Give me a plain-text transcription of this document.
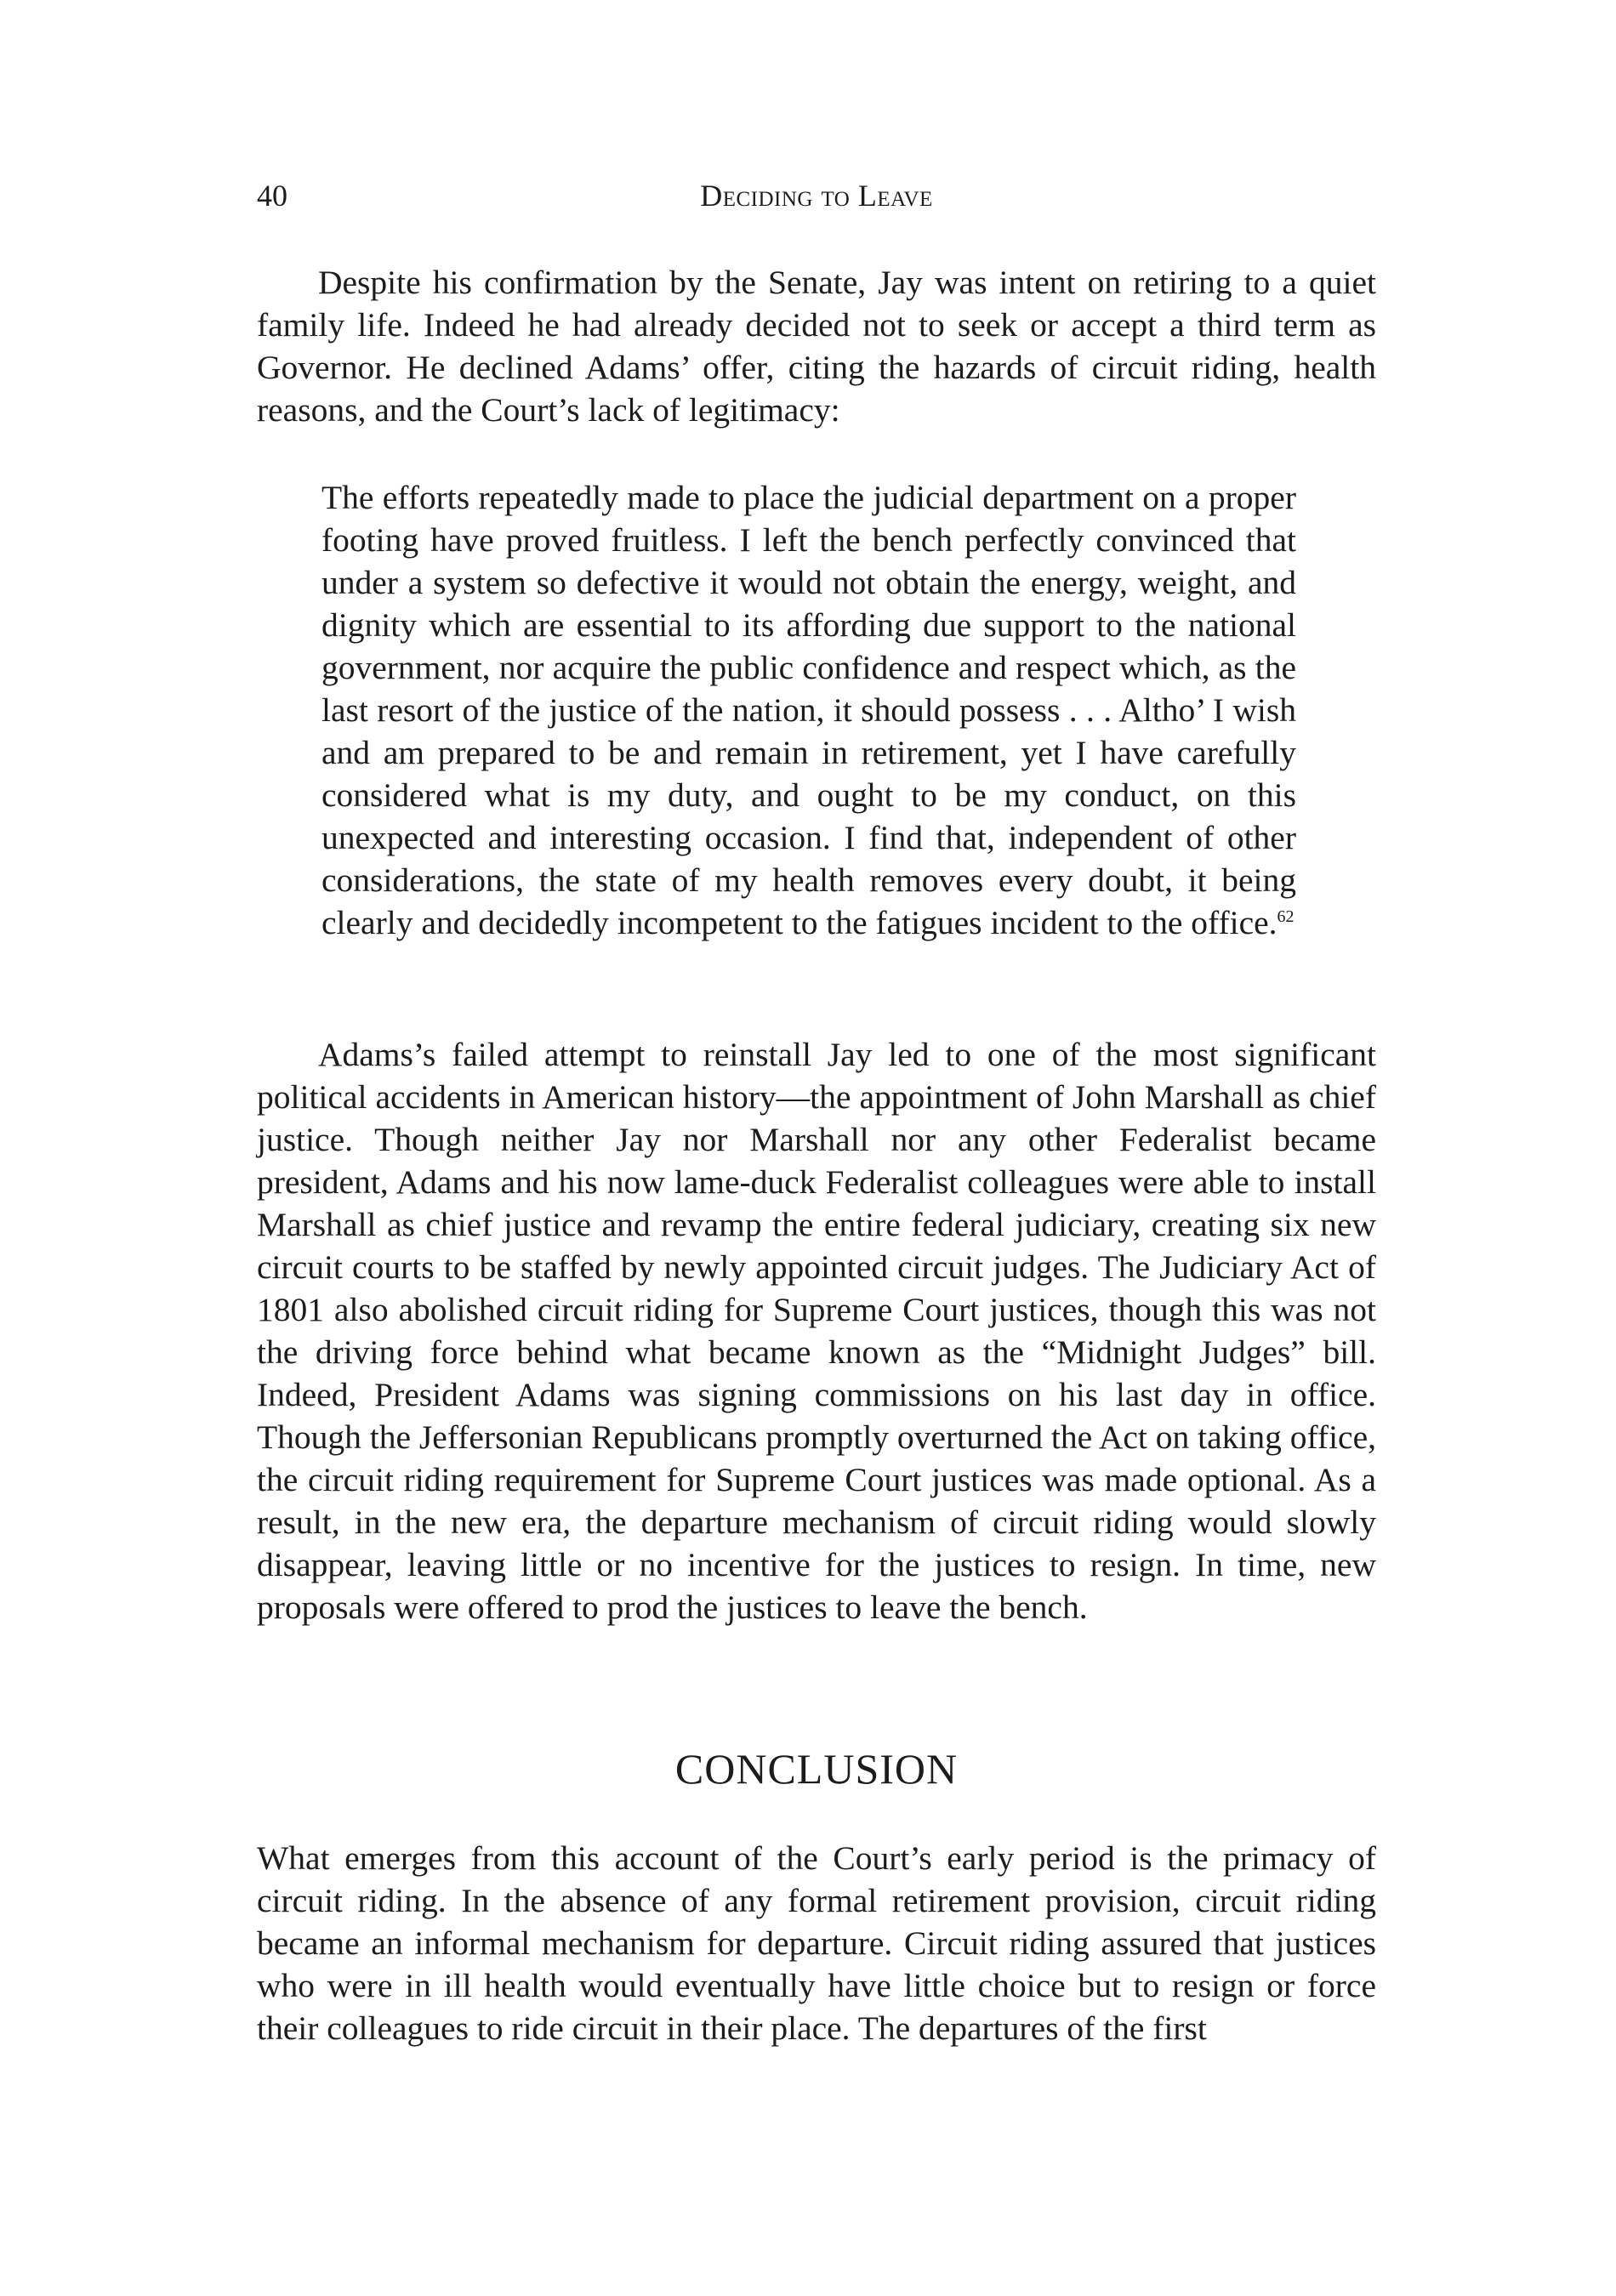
40	Deciding to Leave

Despite his confirmation by the Senate, Jay was intent on retiring to a quiet family life. Indeed he had already decided not to seek or accept a third term as Governor. He declined Adams’ offer, citing the hazards of circuit riding, health reasons, and the Court’s lack of legitimacy:

The efforts repeatedly made to place the judicial department on a proper footing have proved fruitless. I left the bench perfectly convinced that under a system so defective it would not obtain the energy, weight, and dignity which are essential to its affording due support to the national government, nor acquire the public confidence and respect which, as the last resort of the justice of the nation, it should possess . . . Altho’ I wish and am prepared to be and remain in retirement, yet I have carefully considered what is my duty, and ought to be my conduct, on this unexpected and interesting occasion. I find that, independent of other considerations, the state of my health removes every doubt, it being clearly and decidedly incompetent to the fatigues incident to the office.$^{62}$

Adams’s failed attempt to reinstall Jay led to one of the most significant political accidents in American history—the appointment of John Marshall as chief justice. Though neither Jay nor Marshall nor any other Federalist became president, Adams and his now lame-duck Federalist colleagues were able to install Marshall as chief justice and revamp the entire federal judiciary, creating six new circuit courts to be staffed by newly appointed circuit judges. The Judiciary Act of 1801 also abolished circuit riding for Supreme Court justices, though this was not the driving force behind what became known as the “Midnight Judges” bill. Indeed, President Adams was signing commissions on his last day in office. Though the Jeffersonian Republicans promptly overturned the Act on taking office, the circuit riding requirement for Supreme Court justices was made optional. As a result, in the new era, the departure mechanism of circuit riding would slowly disappear, leaving little or no incentive for the justices to resign. In time, new proposals were offered to prod the justices to leave the bench.

CONCLUSION

What emerges from this account of the Court’s early period is the primacy of circuit riding. In the absence of any formal retirement provision, circuit riding became an informal mechanism for departure. Circuit riding assured that justices who were in ill health would eventually have little choice but to resign or force their colleagues to ride circuit in their place. The departures of the first
